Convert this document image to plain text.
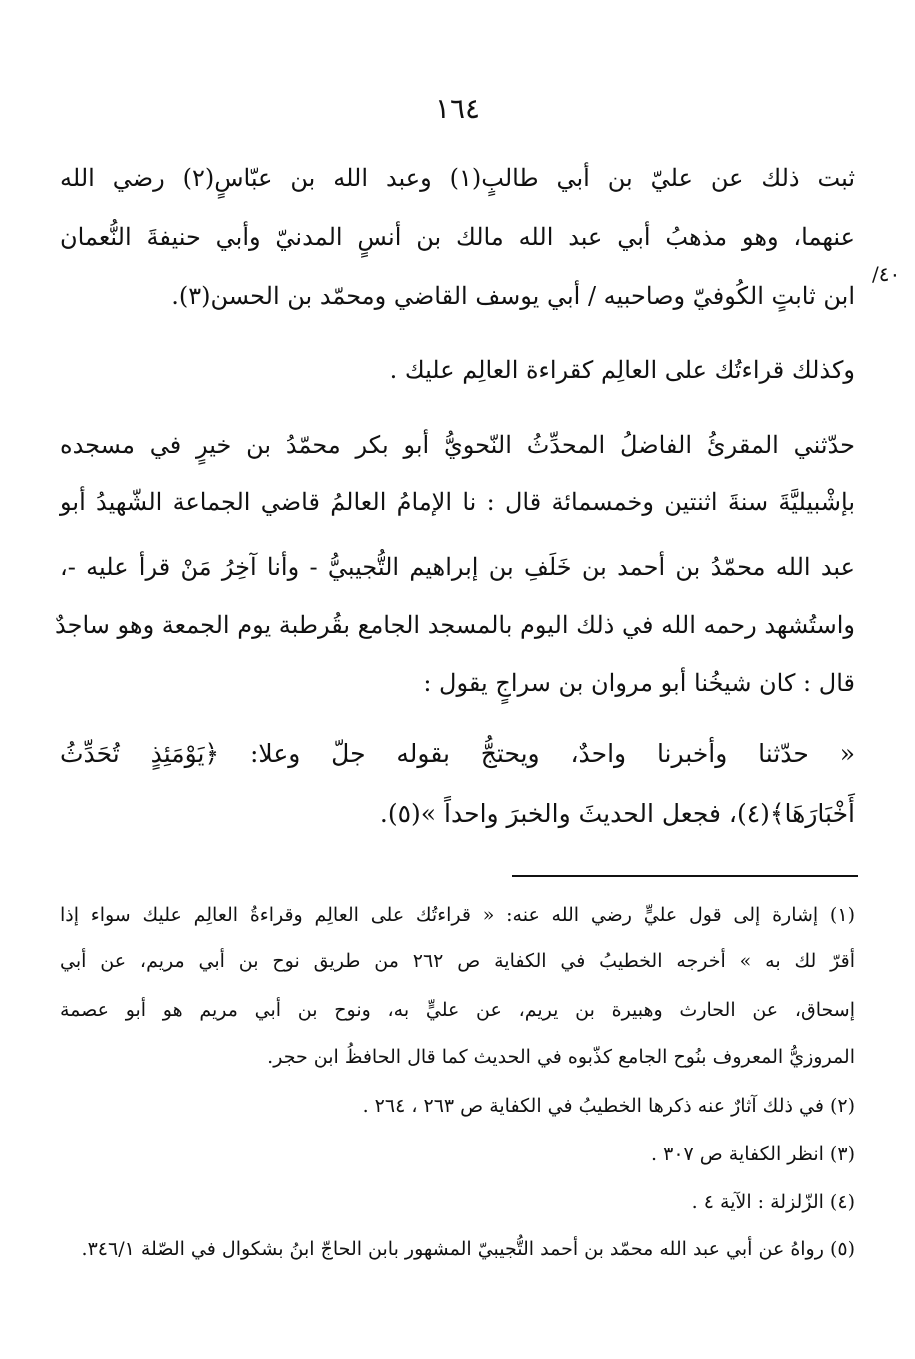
١٦٤
٤٠/
ثبت ذلك عن عليّ بن أبي طالبٍ(١) وعبد الله بن عبّاسٍ(٢) رضي الله
عنهما، وهو مذهبُ أبي عبد الله مالك بن أنسٍ المدنيّ وأبي حنيفةَ النُّعمان
ابن ثابتٍ الكُوفيّ وصاحبيه / أبي يوسف القاضي ومحمّد بن الحسن(٣).
وكذلك قراءتُك على العالِم كقراءة العالِم عليك .
حدّثني المقرئُ الفاضلُ المحدِّثُ النّحويُّ أبو بكر محمّدُ بن خيرٍ في مسجده
بإشْبيليَّةَ سنةَ اثنتين وخمسمائة قال : نا الإمامُ العالمُ قاضي الجماعة الشّهيدُ أبو
عبد الله محمّدُ بن أحمد بن خَلَفِ بن إبراهيم التُّجيبيُّ - وأنا آخِرُ مَنْ قرأ عليه -،
واستُشهد رحمه الله في ذلك اليوم بالمسجد الجامع بقُرطبة يوم الجمعة وهو ساجدٌ
قال : كان شيخُنا أبو مروان بن سراجٍ يقول :
« حدّثنا وأخبرنا واحدٌ، ويحتجُّ بقوله جلّ وعلا: ﴿يَوْمَئِذٍ تُحَدِّثُ
أَخْبَارَهَا﴾(٤)، فجعل الحديثَ والخبرَ واحداً »(٥).
(١) إشارة إلى قول عليٍّ رضي الله عنه: « قراءتُك على العالِم وقراءةُ العالِم عليك سواء إذا
أقرّ لك به » أخرجه الخطيبُ في الكفاية ص ٢٦٢ من طريق نوح بن أبي مريم، عن أبي
إسحاق، عن الحارث وهبيرة بن يريم، عن عليٍّ به، ونوح بن أبي مريم هو أبو عصمة
المروزيُّ المعروف بنُوح الجامع كذّبوه في الحديث كما قال الحافظُ ابن حجر.
(٢) في ذلك آثارٌ عنه ذكرها الخطيبُ في الكفاية ص ٢٦٣ ، ٢٦٤ .
(٣) انظر الكفاية ص ٣٠٧ .
(٤) الزّلزلة : الآية ٤ .
(٥) رواهُ عن أبي عبد الله محمّد بن أحمد التُّجيبيّ المشهور بابن الحاجّ ابنُ بشكوال في الصّلة ٣٤٦/١.
